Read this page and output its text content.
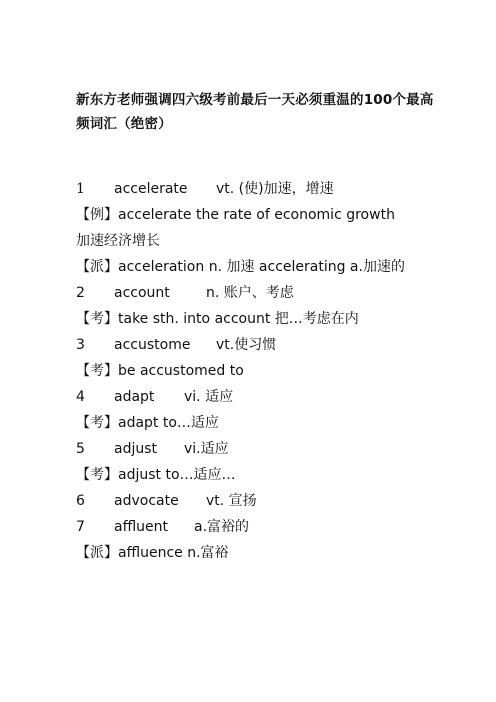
新东方老师强调四六级考前最后一天必须重温的100个最高频词汇（绝密）
1 accelerate vt. (使)加速，增速
【例】accelerate the rate of economic growth
加速经济增长
【派】acceleration n. 加速 accelerating a.加速的
2 account	n. 账户、考虑
【考】take sth. into account 把…考虑在内
3 accustome vt.使习惯
【考】be accustomed to
4 adapt vi. 适应
【考】adapt to…适应
5 adjust vi.适应
【考】adjust to…适应…
6 advocate vt. 宣扬
7 affluent a.富裕的
【派】affluence n.富裕
